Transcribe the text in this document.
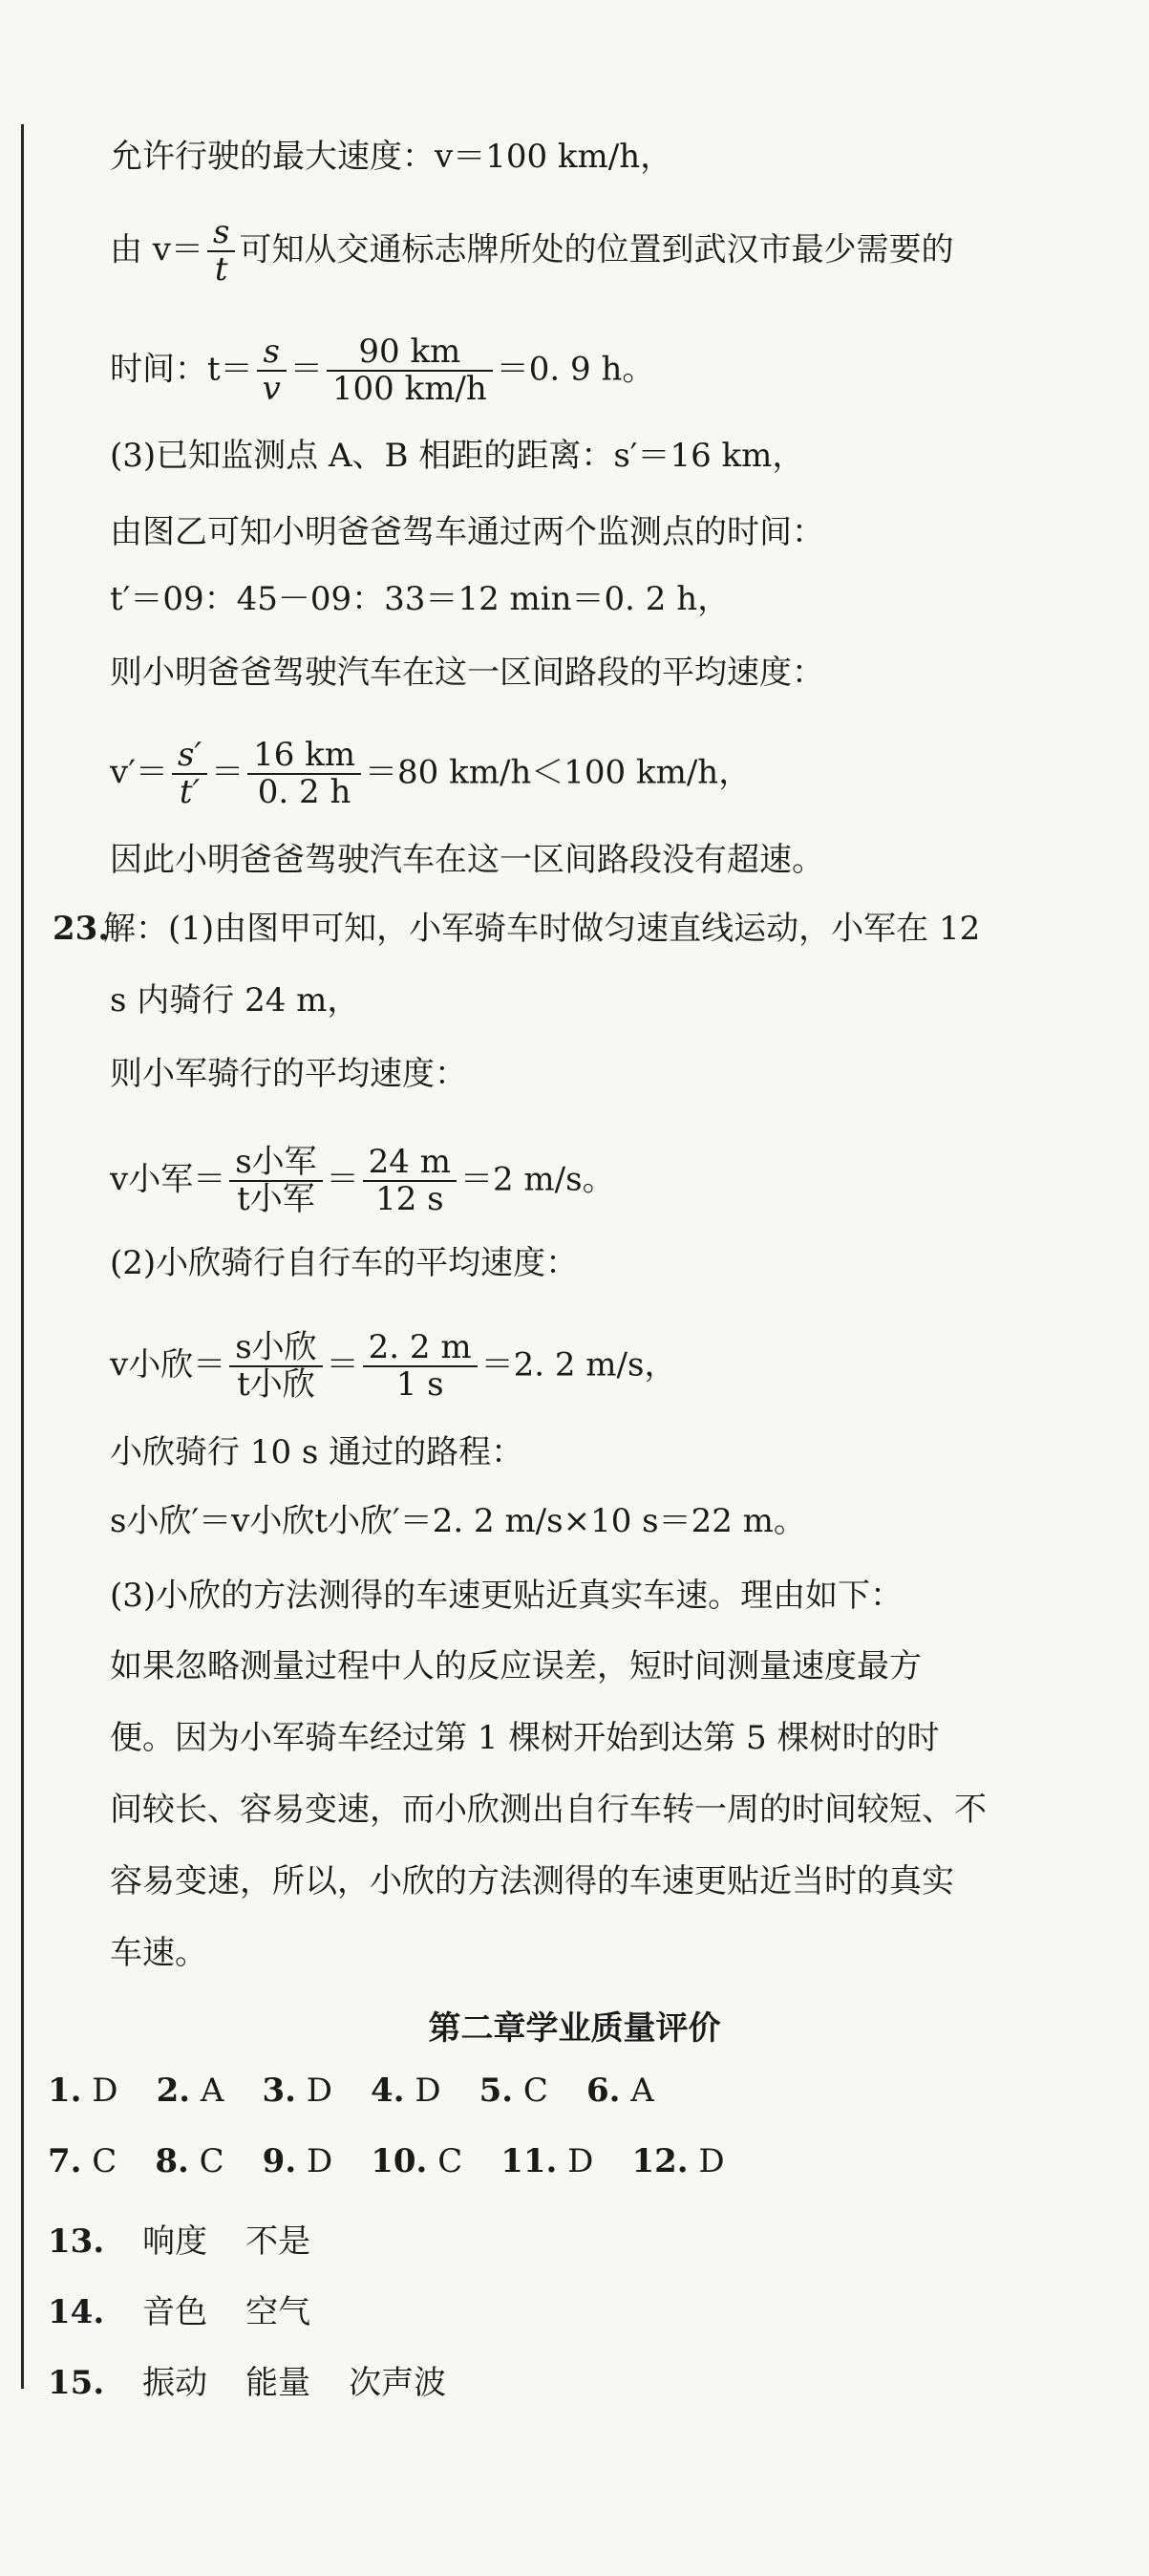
允许行驶的最大速度：v＝100 km/h，
由 $v= \frac{s}{t}$ 可知从交通标志牌所处的位置到武汉市最少需要的
时间：$t= \frac{s}{v} = \frac{90 km}{100 km/h} =0$. 9 h。
(3)已知监测点 A、B 相距的距离：s′＝16 km，
由图乙可知小明爸爸驾车通过两个监测点的时间：
t′＝09：45－09：33＝12 min＝0. 2 h，
则小明爸爸驾驶汽车在这一区间路段的平均速度：
$v'= \frac{s'}{t'} = \frac{16 km}{0. 2 h} =80$ km/h＜100 km/h，
因此小明爸爸驾驶汽车在这一区间路段没有超速。
23.
解：(1)由图甲可知，小军骑车时做匀速直线运动，小军在 12
s 内骑行 24 m，
则小军骑行的平均速度：
v小军＝ $\frac{\text{s小军}}{\text{t小军}} = \frac{24 m}{12 s} =2$ m/s。
(2)小欣骑行自行车的平均速度：
v小欣＝ $\frac{\text{s小欣}}{\text{t小欣}} = \frac{2. 2 m}{1 s} =2$. 2 m/s，
小欣骑行 10 s 通过的路程：
s小欣′＝v小欣t小欣′＝2. 2 m/s×10 s＝22 m。
(3)小欣的方法测得的车速更贴近真实车速。理由如下：
如果忽略测量过程中人的反应误差，短时间测量速度最方
便。因为小军骑车经过第 1 棵树开始到达第 5 棵树时的时
间较长、容易变速，而小欣测出自行车转一周的时间较短、不
容易变速，所以，小欣的方法测得的车速更贴近当时的真实
车速。
第二章学业质量评价
1. D 2. A 3. D 4. D 5. C 6. A
7. C 8. C 9. D 10. C 11. D 12. D
13. 响度 不是
14. 音色 空气
15. 振动 能量 次声波
